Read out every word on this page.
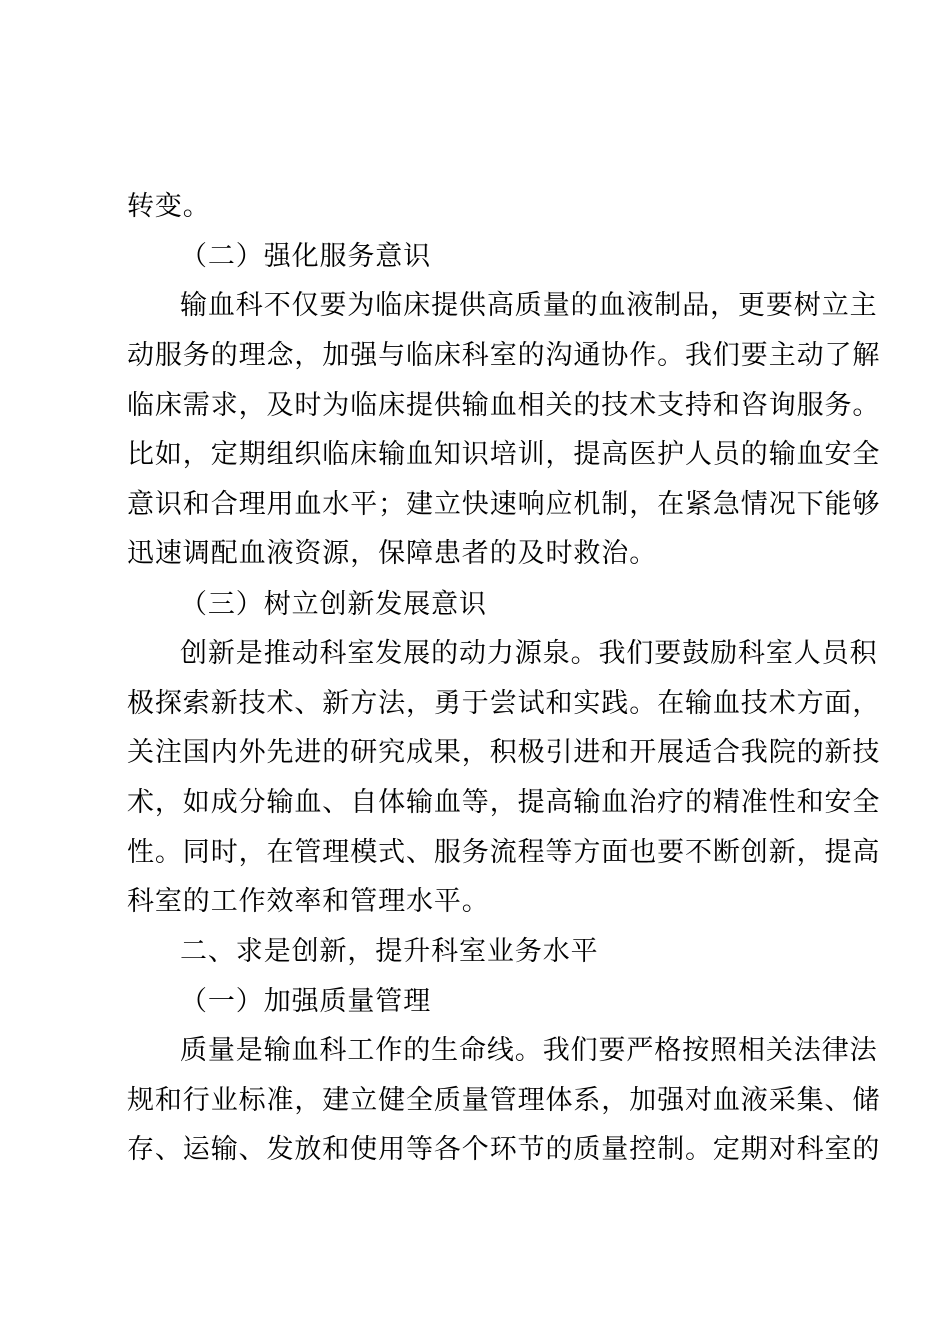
转变。
（二）强化服务意识
输血科不仅要为临床提供高质量的血液制品，更要树立主
动服务的理念，加强与临床科室的沟通协作。我们要主动了解
临床需求，及时为临床提供输血相关的技术支持和咨询服务。
比如，定期组织临床输血知识培训，提高医护人员的输血安全
意识和合理用血水平；建立快速响应机制，在紧急情况下能够
迅速调配血液资源，保障患者的及时救治。
（三）树立创新发展意识
创新是推动科室发展的动力源泉。我们要鼓励科室人员积
极探索新技术、新方法，勇于尝试和实践。在输血技术方面，
关注国内外先进的研究成果，积极引进和开展适合我院的新技
术，如成分输血、自体输血等，提高输血治疗的精准性和安全
性。同时，在管理模式、服务流程等方面也要不断创新，提高
科室的工作效率和管理水平。
二、求是创新，提升科室业务水平
（一）加强质量管理
质量是输血科工作的生命线。我们要严格按照相关法律法
规和行业标准，建立健全质量管理体系，加强对血液采集、储
存、运输、发放和使用等各个环节的质量控制。定期对科室的
